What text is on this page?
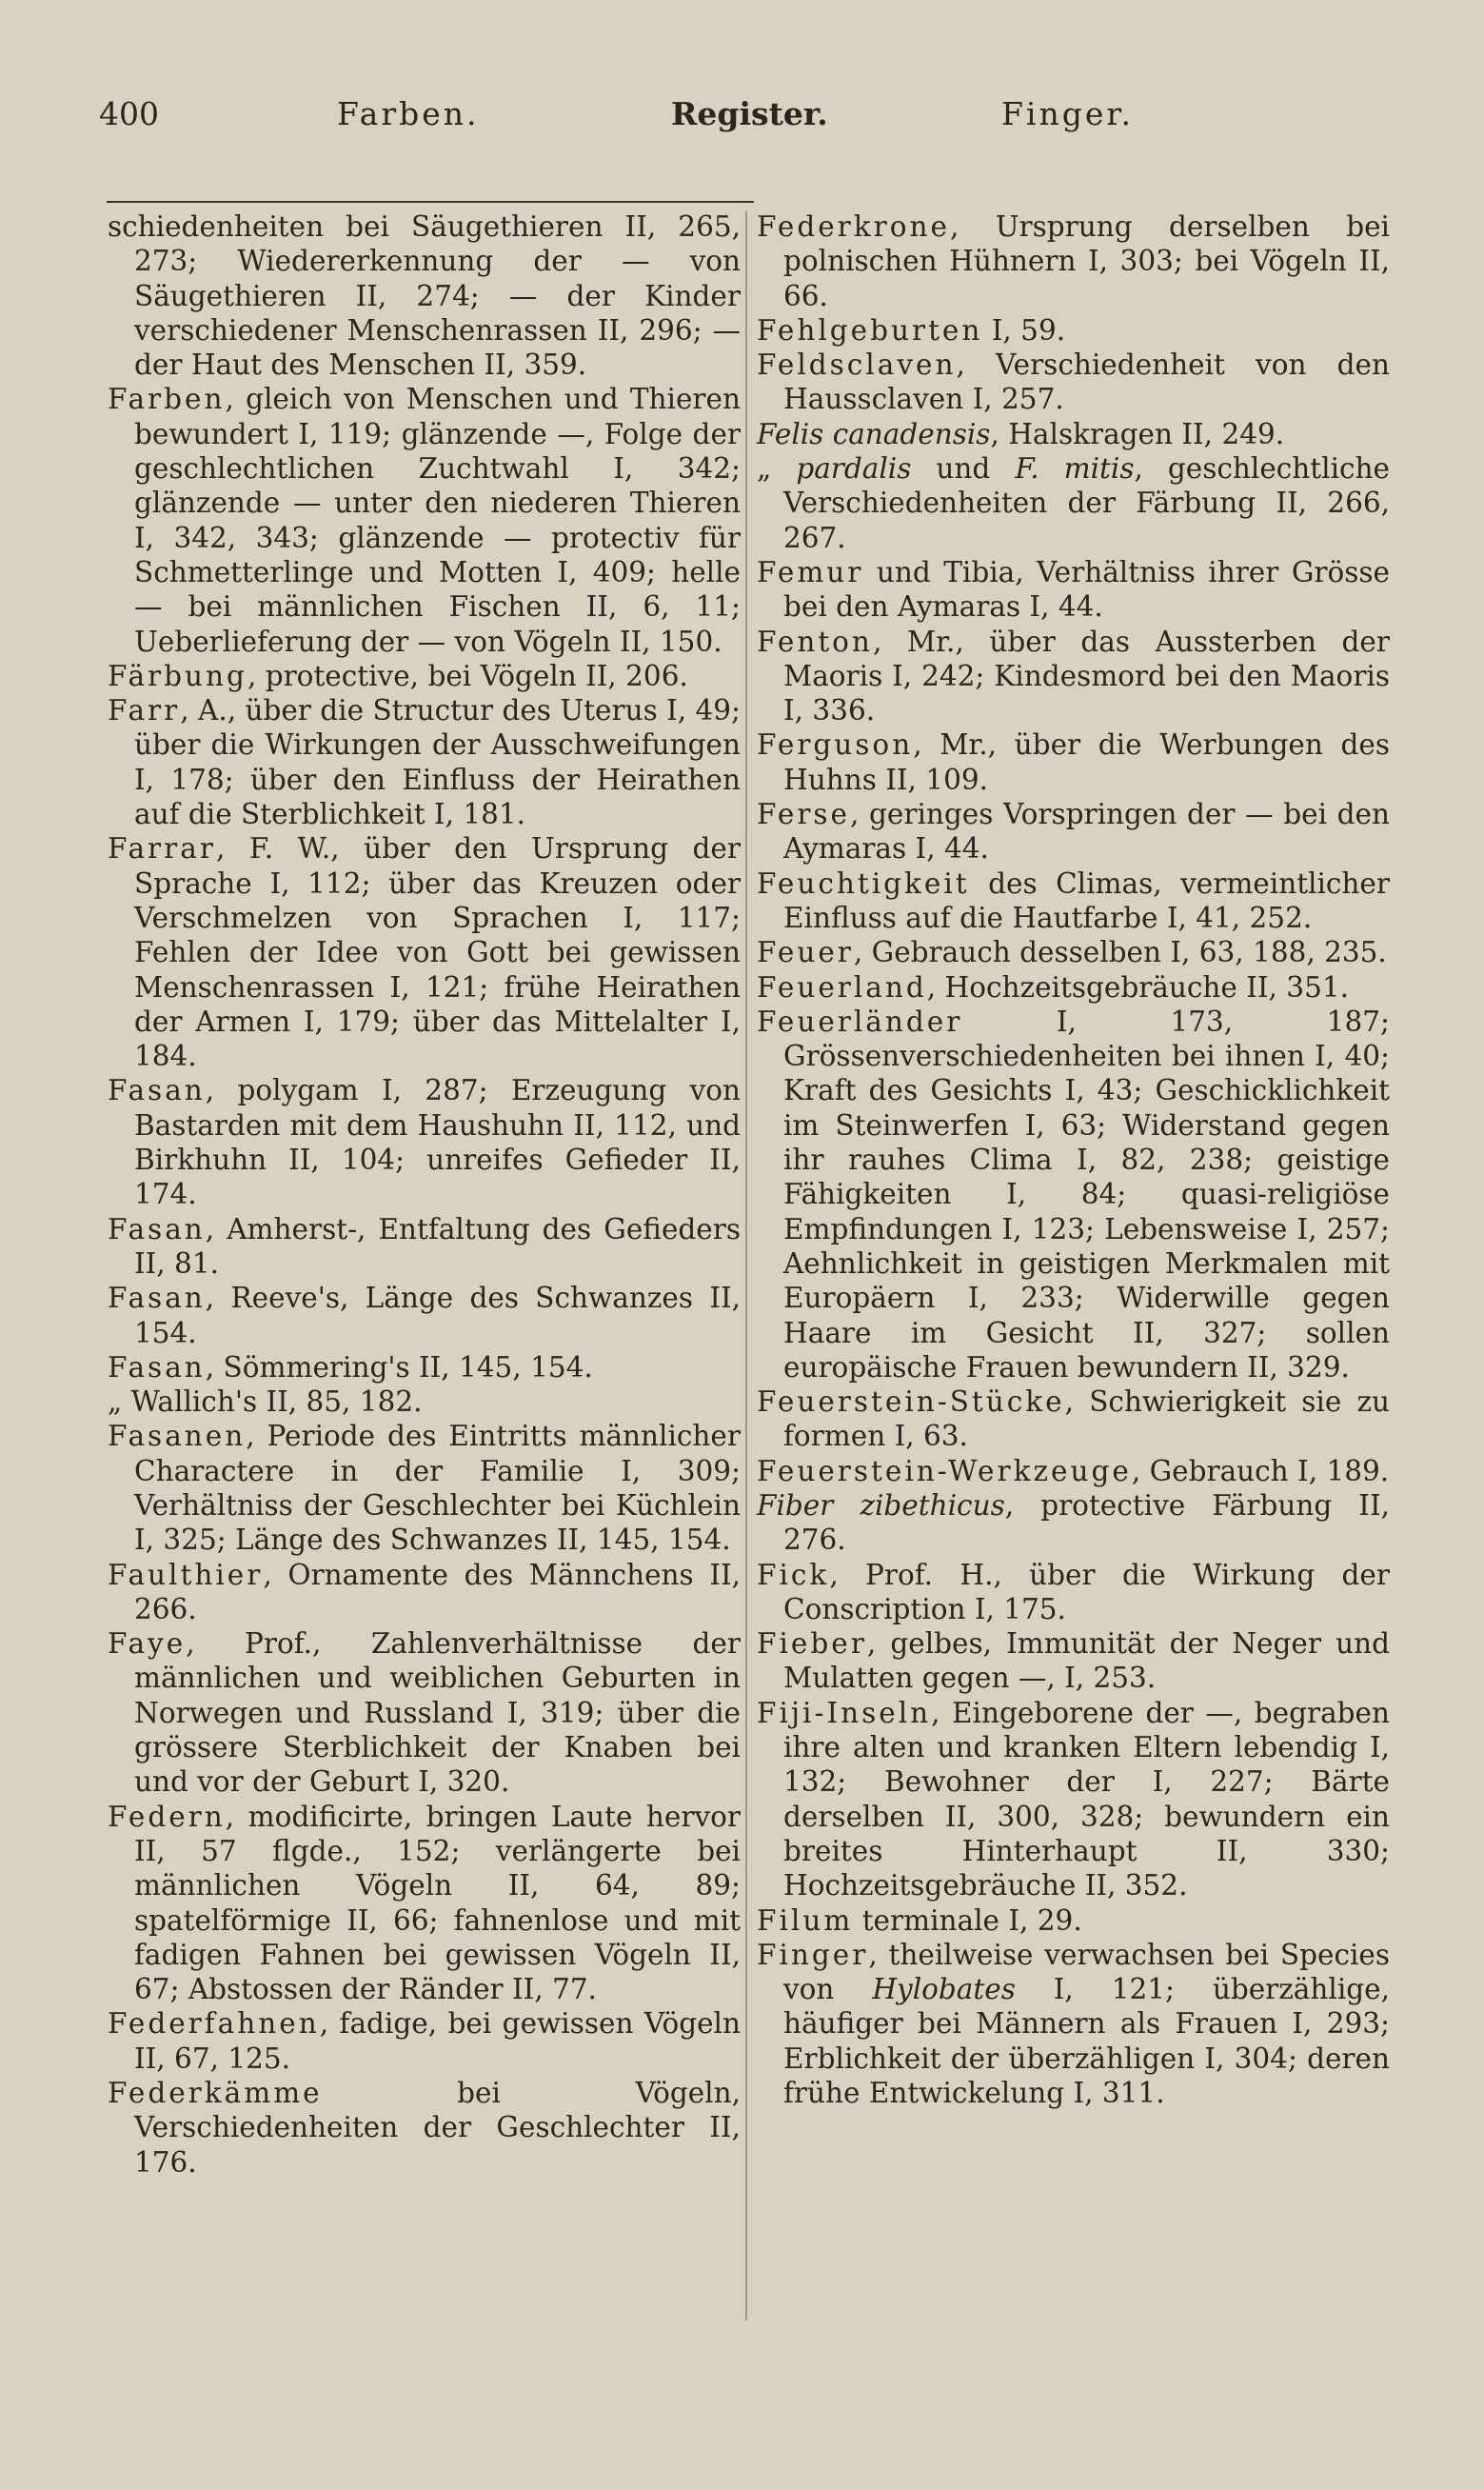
400	Farben.	Register.	Finger.
schiedenheiten bei Säugethieren II, 265, 273; Wiedererkennung der — von Säugethieren II, 274; — der Kinder verschiedener Menschenrassen II, 296; — der Haut des Menschen II, 359.
Farben, gleich von Menschen und Thieren bewundert I, 119; glänzende —, Folge der geschlechtlichen Zuchtwahl I, 342; glänzende — unter den niederen Thieren I, 342, 343; glänzende — protectiv für Schmetterlinge und Motten I, 409; helle — bei männlichen Fischen II, 6, 11; Ueberlieferung der — von Vögeln II, 150.
Färbung, protective, bei Vögeln II, 206.
Farr, A., über die Structur des Uterus I, 49; über die Wirkungen der Ausschweifungen I, 178; über den Einfluss der Heirathen auf die Sterblichkeit I, 181.
Farrar, F. W., über den Ursprung der Sprache I, 112; über das Kreuzen oder Verschmelzen von Sprachen I, 117; Fehlen der Idee von Gott bei gewissen Menschenrassen I, 121; frühe Heirathen der Armen I, 179; über das Mittelalter I, 184.
Fasan, polygam I, 287; Erzeugung von Bastarden mit dem Haushuhn II, 112, und Birkhuhn II, 104; unreifes Gefieder II, 174.
Fasan, Amherst-, Entfaltung des Gefieders II, 81.
Fasan, Reeve's, Länge des Schwanzes II, 154.
Fasan, Sömmering's II, 145, 154.
„ Wallich's II, 85, 182.
Fasanen, Periode des Eintritts männlicher Charactere in der Familie I, 309; Verhältniss der Geschlechter bei Küchlein I, 325; Länge des Schwanzes II, 145, 154.
Faulthier, Ornamente des Männchens II, 266.
Faye, Prof., Zahlenverhältnisse der männlichen und weiblichen Geburten in Norwegen und Russland I, 319; über die grössere Sterblichkeit der Knaben bei und vor der Geburt I, 320.
Federn, modificirte, bringen Laute hervor II, 57 flgde., 152; verlängerte bei männlichen Vögeln II, 64, 89; spatelförmige II, 66; fahnenlose und mit fadigen Fahnen bei gewissen Vögeln II, 67; Abstossen der Ränder II, 77.
Federfahnen, fadige, bei gewissen Vögeln II, 67, 125.
Federkämme bei Vögeln, Verschiedenheiten der Geschlechter II, 176.
Federkrone, Ursprung derselben bei polnischen Hühnern I, 303; bei Vögeln II, 66.
Fehlgeburten I, 59.
Feldsclaven, Verschiedenheit von den Haussclaven I, 257.
Felis canadensis, Halskragen II, 249.
„ pardalis und F. mitis, geschlechtliche Verschiedenheiten der Färbung II, 266, 267.
Femur und Tibia, Verhältniss ihrer Grösse bei den Aymaras I, 44.
Fenton, Mr., über das Aussterben der Maoris I, 242; Kindesmord bei den Maoris I, 336.
Ferguson, Mr., über die Werbungen des Huhns II, 109.
Ferse, geringes Vorspringen der — bei den Aymaras I, 44.
Feuchtigkeit des Climas, vermeintlicher Einfluss auf die Hautfarbe I, 41, 252.
Feuer, Gebrauch desselben I, 63, 188, 235.
Feuerland, Hochzeitsgebräuche II, 351.
Feuerländer I, 173, 187; Grössenverschiedenheiten bei ihnen I, 40; Kraft des Gesichts I, 43; Geschicklichkeit im Steinwerfen I, 63; Widerstand gegen ihr rauhes Clima I, 82, 238; geistige Fähigkeiten I, 84; quasi-religiöse Empfindungen I, 123; Lebensweise I, 257; Aehnlichkeit in geistigen Merkmalen mit Europäern I, 233; Widerwille gegen Haare im Gesicht II, 327; sollen europäische Frauen bewundern II, 329.
Feuerstein-Stücke, Schwierigkeit sie zu formen I, 63.
Feuerstein-Werkzeuge, Gebrauch I, 189.
Fiber zibethicus, protective Färbung II, 276.
Fick, Prof. H., über die Wirkung der Conscription I, 175.
Fieber, gelbes, Immunität der Neger und Mulatten gegen —, I, 253.
Fiji-Inseln, Eingeborene der —, begraben ihre alten und kranken Eltern lebendig I, 132; Bewohner der I, 227; Bärte derselben II, 300, 328; bewundern ein breites Hinterhaupt II, 330; Hochzeitsgebräuche II, 352.
Filum terminale I, 29.
Finger, theilweise verwachsen bei Species von Hylobates I, 121; überzählige, häufiger bei Männern als Frauen I, 293; Erblichkeit der überzähligen I, 304; deren frühe Entwickelung I, 311.
